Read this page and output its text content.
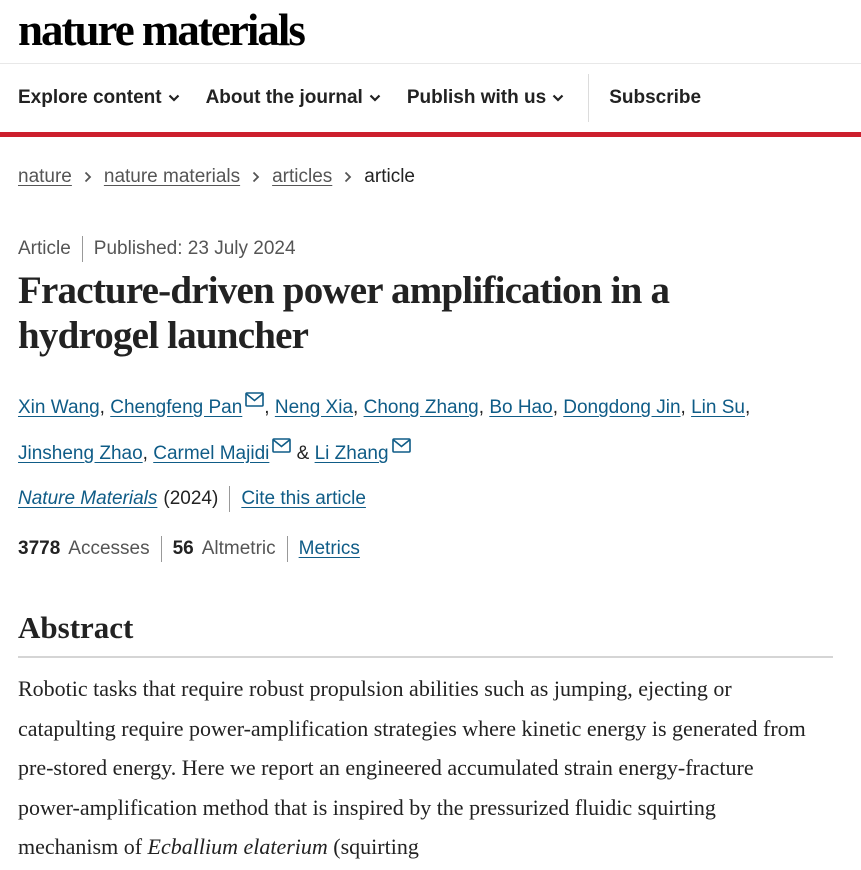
nature materials
Explore content About the journal Publish with us	Subscribe
nature nature materials articles article
Article Published: 23 July 2024
Fracture-driven power amplification in a hydrogel launcher
Xin Wang, Chengfeng Pan , Neng Xia, Chong Zhang, Bo Hao, Dongdong Jin, Lin Su, Jinsheng Zhao, Carmel Majidi & Li Zhang
Nature Materials (2024) Cite this article
3778 Accesses 56 Altmetric Metrics
Abstract

Robotic tasks that require robust propulsion abilities such as jumping, ejecting or catapulting require power-amplification strategies where kinetic energy is generated from pre-stored energy. Here we report an engineered accumulated strain energy-fracture power-amplification method that is inspired by the pressurized fluidic squirting mechanism of Ecballium elaterium (squirting
